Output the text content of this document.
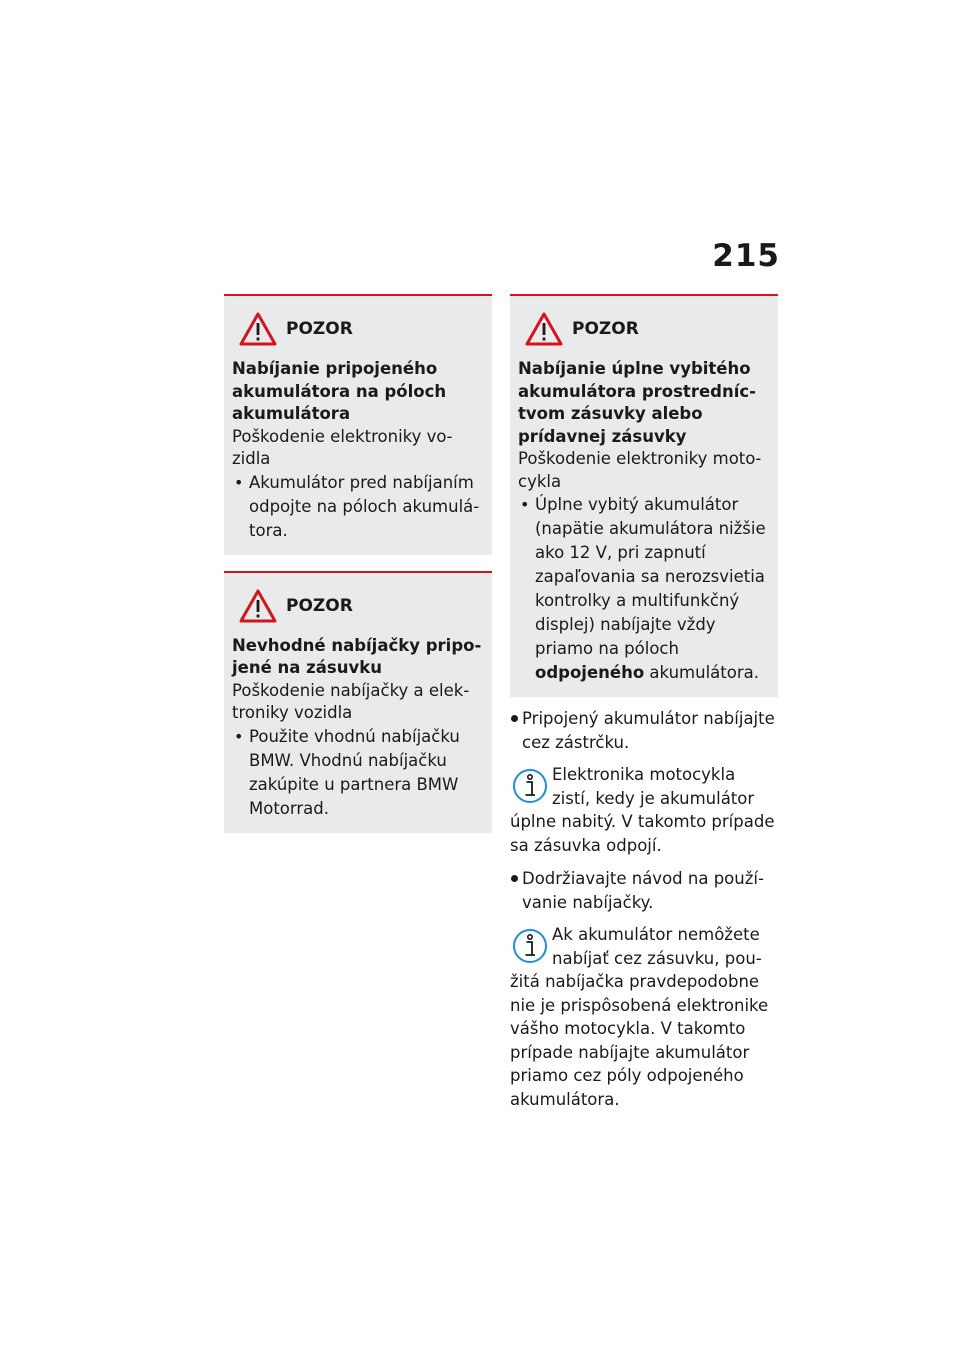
215
POZOR
Nabíjanie pripojeného akumulátora na póloch akumulátora
Poškodenie elektroniky vozidla
• Akumulátor pred nabíjaním odpojte na póloch akumulátora.
POZOR
Nevhodné nabíjačky pripojené na zásuvku
Poškodenie nabíjačky a elektroniky vozidla
• Použite vhodnú nabíjačku BMW. Vhodnú nabíjačku zakúpite u partnera BMW Motorrad.
POZOR
Nabíjanie úplne vybitého akumulátora prostredníctvom zásuvky alebo prídavnej zásuvky
Poškodenie elektroniky motocykla
• Úplne vybitý akumulátor (napätie akumulátora nižšie ako 12 V, pri zapnutí zapaľovania sa nerozsvietia kontrolky a multifunkčný displej) nabíjajte vždy priamo na póloch odpojeného akumulátora.
Pripojený akumulátor nabíjajte cez zástrčku.
Elektronika motocykla zistí, kedy je akumulátor úplne nabitý. V takomto prípade sa zásuvka odpojí.
Dodržiavajte návod na používanie nabíjačky.
Ak akumulátor nemôžete nabíjať cez zásuvku, použitá nabíjačka pravdepodobne nie je prispôsobená elektronike vášho motocykla. V takomto prípade nabíjajte akumulátor priamo cez póly odpojeného akumulátora.
